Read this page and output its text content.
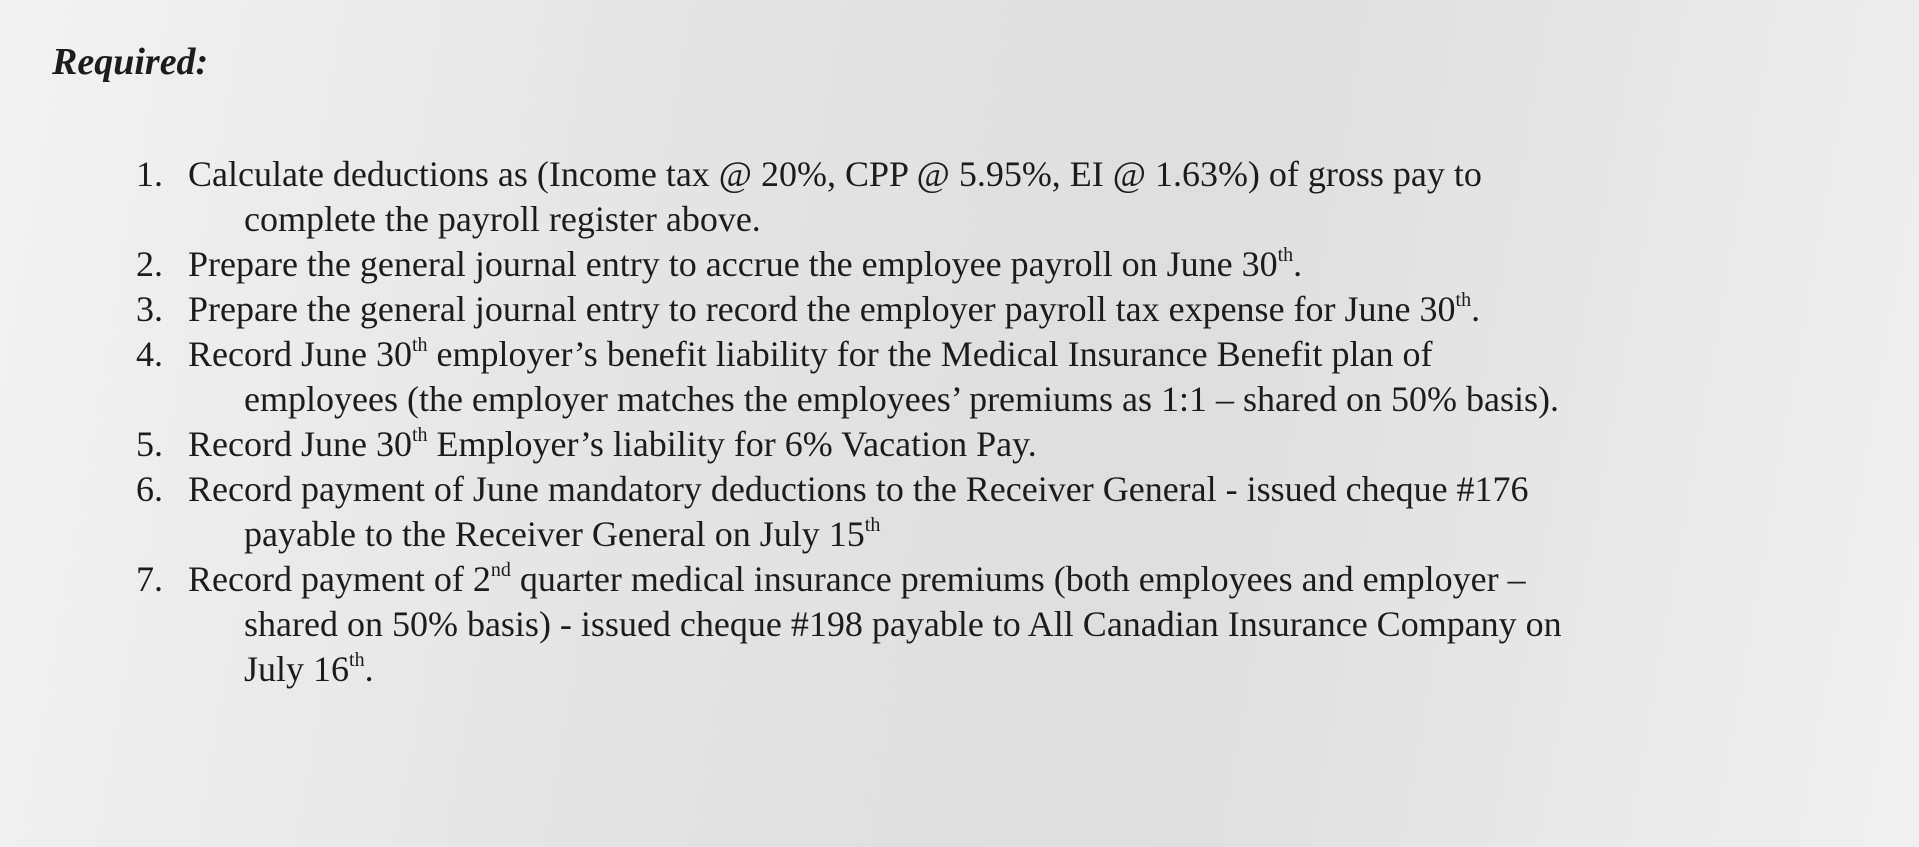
Required:
1. Calculate deductions as (Income tax @ 20%, CPP @ 5.95%, EI @ 1.63%) of gross pay to
complete the payroll register above.
2. Prepare the general journal entry to accrue the employee payroll on June 30th.
3. Prepare the general journal entry to record the employer payroll tax expense for June 30th.
4. Record June 30th employer’s benefit liability for the Medical Insurance Benefit plan of
employees (the employer matches the employees’ premiums as 1:1 – shared on 50% basis).
5. Record June 30th Employer’s liability for 6% Vacation Pay.
6. Record payment of June mandatory deductions to the Receiver General - issued cheque #176
payable to the Receiver General on July 15th
7. Record payment of 2nd quarter medical insurance premiums (both employees and employer –
shared on 50% basis) - issued cheque #198 payable to All Canadian Insurance Company on
July 16th.
